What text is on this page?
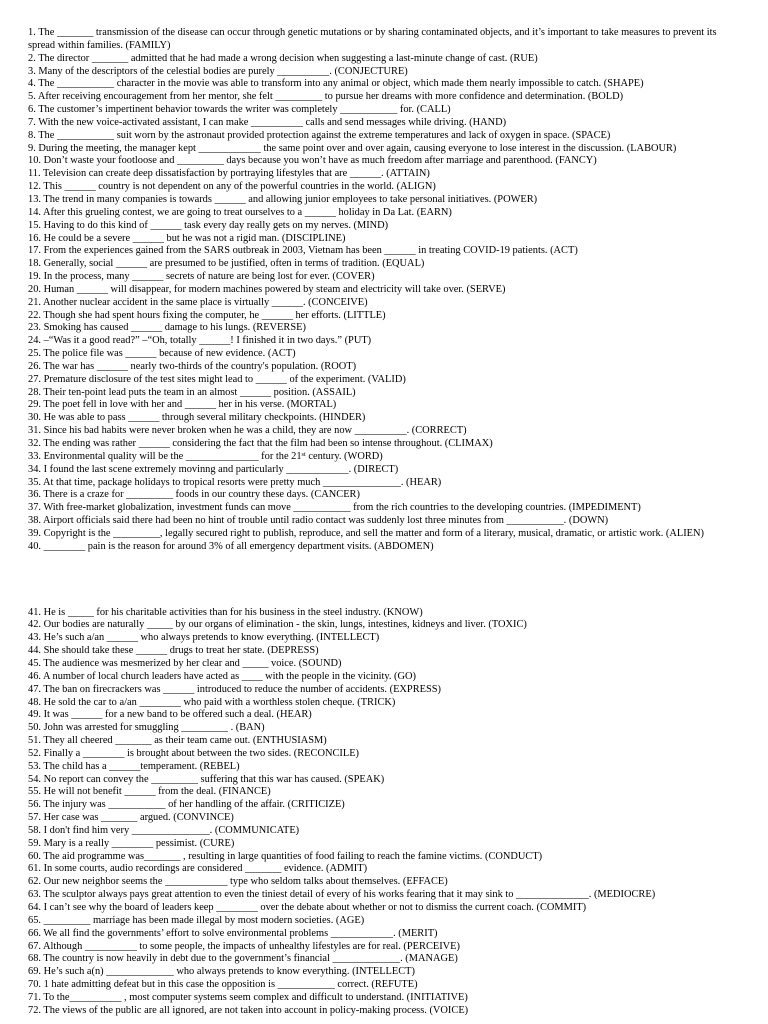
1. The _______ transmission of the disease can occur through genetic mutations or by sharing contaminated objects, and it’s important to take measures to prevent its spread within families. (FAMILY)

2. The director _______ admitted that he had made a wrong decision when suggesting a last-minute change of cast. (RUE)

3. Many of the descriptors of the celestial bodies are purely __________. (CONJECTURE)

4. The ___________ character in the movie was able to transform into any animal or object, which made them nearly impossible to catch. (SHAPE)

5. After receiving encouragement from her mentor, she felt _________ to pursue her dreams with more confidence and determination. (BOLD)

6. The customer’s impertinent behavior towards the writer was completely ___________ for. (CALL)

7. With the new voice-activated assistant, I can make __________ calls and send messages while driving. (HAND)

8. The ___________ suit worn by the astronaut provided protection against the extreme temperatures and lack of oxygen in space. (SPACE)

9. During the meeting, the manager kept ____________ the same point over and over again, causing everyone to lose interest in the discussion. (LABOUR)

10. Don’t waste your footloose and _________ days because you won’t have as much freedom after marriage and parenthood. (FANCY)

11. Television can create deep dissatisfaction by portraying lifestyles that are ______. (ATTAIN)

12. This ______ country is not dependent on any of the powerful countries in the world. (ALIGN)

13. The trend in many companies is towards ______ and allowing junior employees to take personal initiatives. (POWER)

14. After this grueling contest, we are going to treat ourselves to a ______ holiday in Da Lat. (EARN)

15. Having to do this kind of ______ task every day really gets on my nerves. (MIND)

16. He could be a severe ______ but he was not a rigid man. (DISCIPLINE)

17. From the experiences gained from the SARS outbreak in 2003, Vietnam has been ______ in treating COVID-19 patients. (ACT)

18. Generally, social ______ are presumed to be justified, often in terms of tradition. (EQUAL)

19. In the process, many ______ secrets of nature are being lost for ever. (COVER)

20. Human ______ will disappear, for modern machines powered by steam and electricity will take over. (SERVE)

21. Another nuclear accident in the same place is virtually ______. (CONCEIVE)

22. Though she had spent hours fixing the computer, he ______ her efforts. (LITTLE)

23. Smoking has caused ______ damage to his lungs. (REVERSE)

24. –“Was it a good read?” –“Oh, totally ______! I finished it in two days.” (PUT)

25. The police file was ______ because of new evidence. (ACT)

26. The war has ______ nearly two-thirds of the country's population. (ROOT)

27. Premature disclosure of the test sites might lead to ______ of the experiment. (VALID)

28. Their ten-point lead puts the team in an almost ______ position. (ASSAIL)

29. The poet fell in love with her and ______ her in his verse. (MORTAL)

30. He was able to pass ______ through several military checkpoints. (HINDER)

31. Since his bad habits were never broken when he was a child, they are now __________. (CORRECT)

32. The ending was rather ______ considering the fact that the film had been so intense throughout. (CLIMAX)

33. Environmental quality will be the ______________ for the 21ˢᵗ century. (WORD)

34. I found the last scene extremely movinng and particularly ____________. (DIRECT)

35. At that time, package holidays to tropical resorts were pretty much _______________. (HEAR)

36. There is a craze for _________ foods in our country these days. (CANCER)

37. With free-market globalization, investment funds can move ___________ from the rich countries to the developing countries. (IMPEDIMENT)

38. Airport officials said there had been no hint of trouble until radio contact was suddenly lost three minutes from ___________. (DOWN)

39. Copyright is the _________, legally secured right to publish, reproduce, and sell the matter and form of a literary, musical, dramatic, or artistic work. (ALIEN)

40. ________ pain is the reason for around 3% of all emergency department visits. (ABDOMEN)

41. He is _____ for his charitable activities than for his business in the steel industry. (KNOW)

42. Our bodies are naturally _____ by our organs of elimination - the skin, lungs, intestines, kidneys and liver. (TOXIC)

43. He’s such a/an ______ who always pretends to know everything. (INTELLECT)

44. She should take these ______ drugs to treat her state. (DEPRESS)

45. The audience was mesmerized by her clear and _____ voice. (SOUND)

46. A number of local church leaders have acted as ____ with the people in the vicinity. (GO)

47. The ban on firecrackers was ______ introduced to reduce the number of accidents. (EXPRESS)

48. He sold the car to a/an ________ who paid with a worthless stolen cheque. (TRICK)

49. It was ______ for a new band to be offered such a deal. (HEAR)

50. John was arrested for smuggling _________ . (BAN)

51. They all cheered _______ as their team came out. (ENTHUSIASM)

52. Finally a ________ is brought about between the two sides. (RECONCILE)

53. The child has a ______temperament. (REBEL)

54. No report can convey the _________ suffering that this war has caused. (SPEAK)

55. He will not benefit ______ from the deal. (FINANCE)

56. The injury was ___________ of her handling of the affair. (CRITICIZE)

57. Her case was _______ argued. (CONVINCE)

58. I don't find him very _______________. (COMMUNICATE)

59. Mary is a really ________ pessimist. (CURE)

60. The aid programme was_______ , resulting in large quantities of food failing to reach the famine victims. (CONDUCT)

61. In some courts, audio recordings are considered _______ evidence. (ADMIT)

62. Our new neighbor seems the ____________ type who seldom talks about themselves. (EFFACE)

63. The sculptor always pays great attention to even the tiniest detail of every of his works fearing that it may sink to ______________. (MEDIOCRE)

64. I can’t see why the board of leaders keep ________ over the debate about whether or not to dismiss the current coach. (COMMIT)

65. _________ marriage has been made illegal by most modern societies. (AGE)

66. We all find the governments’ effort to solve environmental problems ____________. (MERIT)

67. Although __________ to some people, the impacts of unhealthy lifestyles are for real. (PERCEIVE)

68. The country is now heavily in debt due to the government’s financial _____________. (MANAGE)

69. He’s such a(n) _____________ who always pretends to know everything. (INTELLECT)

70. 1 hate admitting defeat but in this case the opposition is ___________ correct. (REFUTE)

71. To the__________ , most computer systems seem complex and difficult to understand. (INITIATIVE)

72. The views of the public are all ignored, are not taken into account in policy-making process. (VOICE)
